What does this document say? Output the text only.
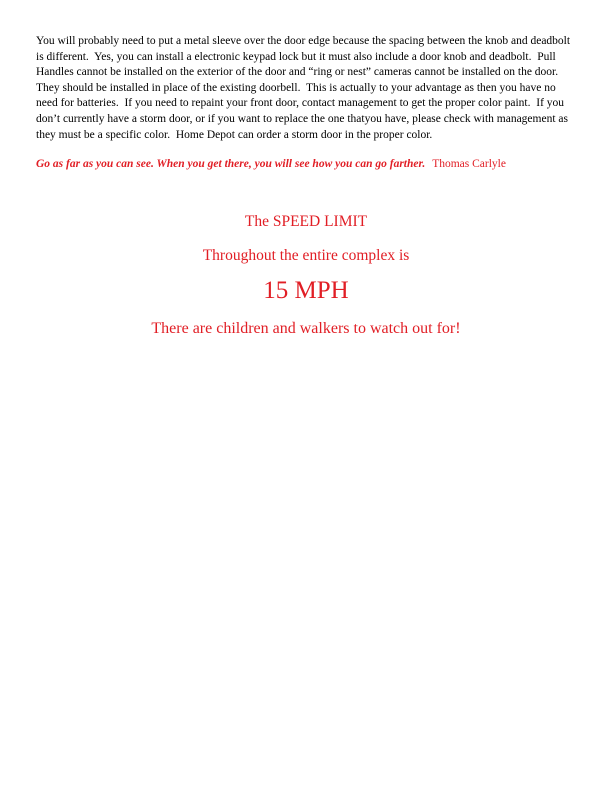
You will probably need to put a metal sleeve over the door edge because the spacing between the knob and deadbolt is different.  Yes, you can install a electronic keypad lock but it must also include a door knob and deadbolt.  Pull Handles cannot be installed on the exterior of the door and “ring or nest” cameras cannot be installed on the door.  They should be installed in place of the existing doorbell.  This is actually to your advantage as then you have no need for batteries.  If you need to repaint your front door, contact management to get the proper color paint.  If you don’t currently have a storm door, or if you want to replace the one thatyou have, please check with management as they must be a specific color.  Home Depot can order a storm door in the proper color.
Go as far as you can see. When you get there, you will see how you can go farther. Thomas Carlyle
The SPEED LIMIT
Throughout the entire complex is
15 MPH
There are children and walkers to watch out for!
